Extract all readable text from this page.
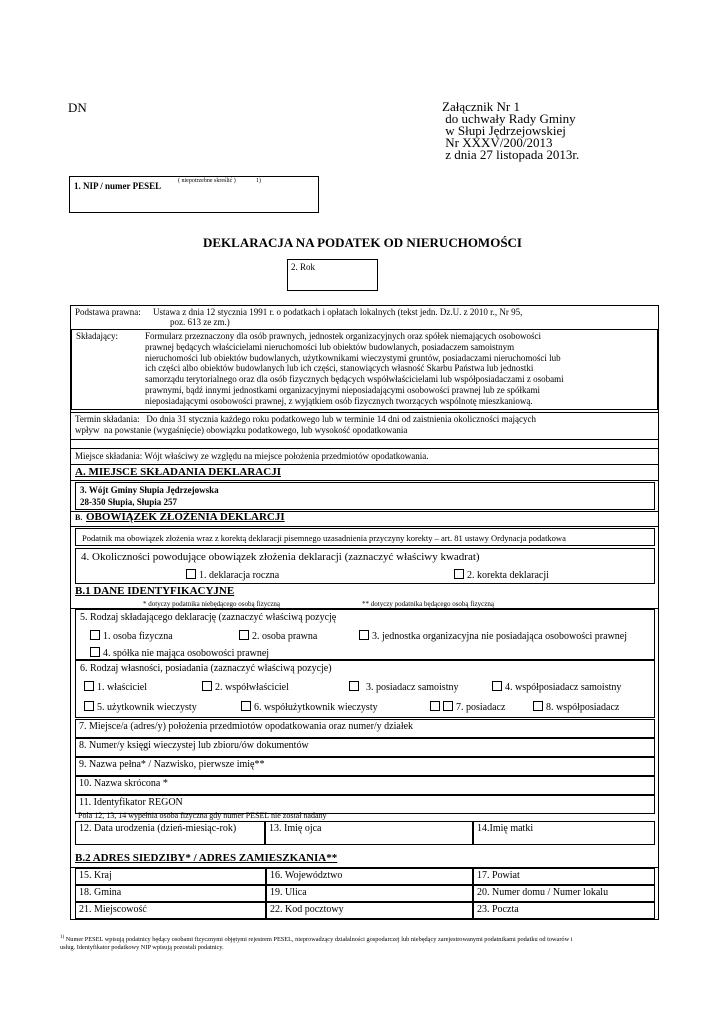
DN	Załącznik Nr 1
do uchwały Rady Gminy
w Słupi Jędrzejowskiej
Nr XXXV/200/2013
z dnia 27 listopada 2013r.
1. NIP / numer PESEL	( niepotrzebne skreślić )	1)
DEKLARACJA NA PODATEK OD NIERUCHOMOŚCI
2. Rok
Podstawa prawna: Ustawa z dnia 12 stycznia 1991 r. o podatkach i opłatach lokalnych (tekst jedn. Dz.U. z 2010 r., Nr 95,
poz. 613 ze zm.)
Składający:	Formularz przeznaczony dla osób prawnych, jednostek organizacyjnych oraz spółek niemających osobowości
prawnej będących właścicielami nieruchomości lub obiektów budowlanych, posiadaczem samoistnym
nieruchomości lub obiektów budowlanych, użytkownikami wieczystymi gruntów, posiadaczami nieruchomości lub
ich części albo obiektów budowlanych lub ich części, stanowiących własność Skarbu Państwa lub jednostki
samorządu terytorialnego oraz dla osób fizycznych będących współwłaścicielami lub współposiadaczami z osobami
prawnymi, bądź innymi jednostkami organizacyjnymi nieposiadającymi osobowości prawnej lub ze spółkami
nieposiadającymi osobowości prawnej, z wyjątkiem osób fizycznych tworzących wspólnotę mieszkaniową.
Termin składania:   Do dnia 31 stycznia każdego roku podatkowego lub w terminie 14 dni od zaistnienia okoliczności mających
wpływ  na powstanie (wygaśnięcie) obowiązku podatkowego, lub wysokość opodatkowania
Miejsce składania: Wójt właściwy ze względu na miejsce położenia przedmiotów opodatkowania.
A. MIEJSCE SKŁADANIA DEKLARACJI
3. Wójt Gminy Słupia Jędrzejowska
28-350 Słupia, Słupia 257
B. OBOWIĄZEK ZŁOŻENIA DEKLARCJI
Podatnik ma obowiązek złożenia wraz z korektą deklaracji pisemnego uzasadnienia przyczyny korekty – art. 81 ustawy Ordynacja podatkowa
4. Okoliczności powodujące obowiązek złożenia deklaracji (zaznaczyć właściwy kwadrat)
1. deklaracja roczna	2. korekta deklaracji
B.1 DANE IDENTYFIKACYJNE
* dotyczy podatnika niebędącego osobą fizyczną	** dotyczy podatnika będącego osobą fizyczną
5. Rodzaj składającego deklarację (zaznaczyć właściwą pozycję
1. osoba fizyczna	2. osoba prawna	3. jednostka organizacyjna nie posiadająca osobowości prawnej
4. spółka nie mająca osobowości prawnej
6. Rodzaj własności, posiadania (zaznaczyć właściwą pozycje)
1. właściciel	2. współwłaściciel	3. posiadacz samoistny	4. współposiadacz samoistny
5. użytkownik wieczysty	6. współużytkownik wieczysty	7. posiadacz	8. współposiadacz
7. Miejsce/a (adres/y) położenia przedmiotów opodatkowania oraz numer/y działek
8. Numer/y księgi wieczystej lub zbioru/ów dokumentów
9. Nazwa pełna* / Nazwisko, pierwsze imię**
10. Nazwa skrócona *
11. Identyfikator REGON
Pola 12, 13, 14 wypełnia osoba fizyczna gdy numer PESEL nie został nadany
12. Data urodzenia (dzień-miesiąc-rok)	13. Imię ojca	14.Imię matki
B.2 ADRES SIEDZIBY* / ADRES ZAMIESZKANIA**
15. Kraj	16. Województwo	17. Powiat
18. Gmina	19. Ulica	20. Numer domu / Numer lokalu
21. Miejscowość	22. Kod pocztowy	23. Poczta
$^{1)}$ Numer PESEL wpisują podatnicy będący osobami fizycznymi objętymi rejestrem PESEL, nieprowadzący działalności gospodarczej lub niebędący zarejestrowanymi podatnikami podatku od towarów i
usług. Identyfikator podatkowy NIP wpisują pozostali podatnicy.
